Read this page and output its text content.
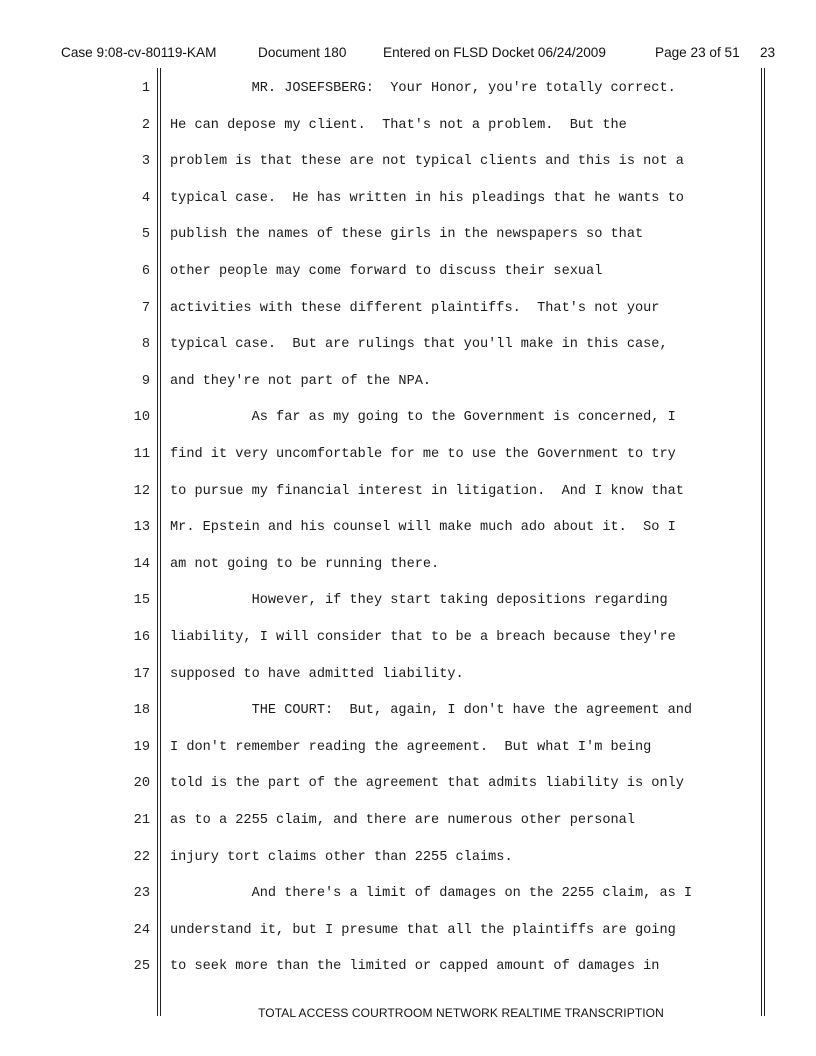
Case 9:08-cv-80119-KAM	Document 180	Entered on FLSD Docket 06/24/2009	Page 23 of 51 23
1 MR. JOSEFSBERG:  Your Honor, you're totally correct.
2 He can depose my client.  That's not a problem.  But the
3 problem is that these are not typical clients and this is not a
4 typical case.  He has written in his pleadings that he wants to
5 publish the names of these girls in the newspapers so that
6 other people may come forward to discuss their sexual
7 activities with these different plaintiffs.  That's not your
8 typical case.  But are rulings that you'll make in this case,
9 and they're not part of the NPA.
10 As far as my going to the Government is concerned, I
11 find it very uncomfortable for me to use the Government to try
12 to pursue my financial interest in litigation.  And I know that
13 Mr. Epstein and his counsel will make much ado about it.  So I
14 am not going to be running there.
15 However, if they start taking depositions regarding
16 liability, I will consider that to be a breach because they're
17 supposed to have admitted liability.
18 THE COURT:  But, again, I don't have the agreement and
19 I don't remember reading the agreement.  But what I'm being
20 told is the part of the agreement that admits liability is only
21 as to a 2255 claim, and there are numerous other personal
22 injury tort claims other than 2255 claims.
23 And there's a limit of damages on the 2255 claim, as I
24 understand it, but I presume that all the plaintiffs are going
25 to seek more than the limited or capped amount of damages in
TOTAL ACCESS COURTROOM NETWORK REALTIME TRANSCRIPTION
